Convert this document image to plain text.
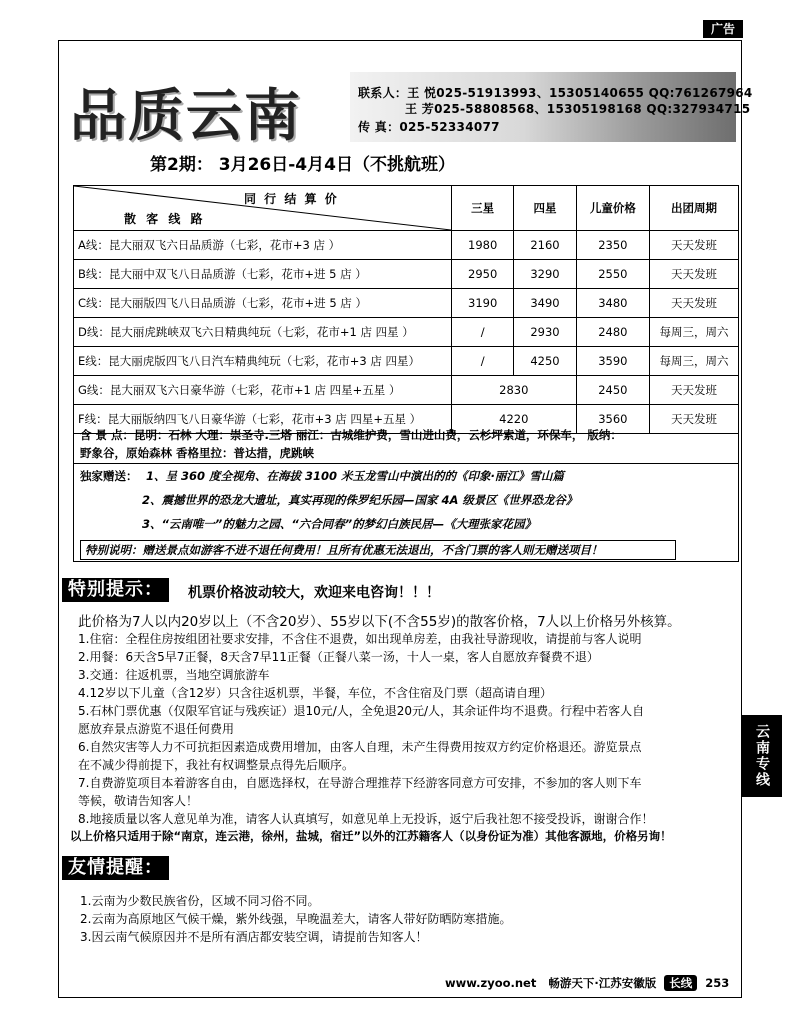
广告
品质云南	联系人：王 悦025-51913993、15305140655 QQ:761267964
王 芳025-58808568、15305198168 QQ:327934715
传 真：025-52334077
第2期： 3月26日-4月4日（不挑航班）
同 行 结 算 价
散 客 线 路	三星	四星	儿童价格	出团周期
A线：昆大丽双飞六日品质游（七彩，花市+3 店 ）	1980	2160	2350	天天发班
B线：昆大丽中双飞八日品质游（七彩，花市+进 5 店 ）	2950	3290	2550	天天发班
C线：昆大丽版四飞八日品质游（七彩，花市+进 5 店 ）	3190	3490	3480	天天发班
D线：昆大丽虎跳峡双飞六日精典纯玩（七彩，花市+1 店 四星 ）	/	2930	2480	每周三，周六
E线：昆大丽虎版四飞八日汽车精典纯玩（七彩，花市+3 店 四星）	/	4250	3590	每周三，周六
G线：昆大丽双飞六日豪华游（七彩，花市+1 店 四星+五星 ）	2830		2450	天天发班
F线：昆大丽版纳四飞八日豪华游（七彩，花市+3 店 四星+五星 ）	4220		3560	天天发班
含 景 点：昆明：石林 大理：崇圣寺.三塔 丽江：古城维护费，雪山进山费，云杉坪索道，环保车， 版纳：
野象谷，原始森林 香格里拉：普达措，虎跳峡
独家赠送： 1、呈 360 度全视角、在海拔 3100 米玉龙雪山中演出的的《印象·丽江》雪山篇
2、震撼世界的恐龙大遗址，真实再现的侏罗纪乐园—国家 4A 级景区《世界恐龙谷》
3、“云南唯一”的魅力之园、“六合同春”的梦幻白族民居—《大理张家花园》
特别说明：赠送景点如游客不进不退任何费用！且所有优惠无法退出，不含门票的客人则无赠送项目！
特别提示：	机票价格波动较大，欢迎来电咨询！！！
此价格为7人以内20岁以上（不含20岁）、55岁以下(不含55岁)的散客价格，7人以上价格另外核算。
1.住宿：全程住房按组团社要求安排，不含住不退费，如出现单房差，由我社导游现收，请提前与客人说明
2.用餐：6天含5早7正餐，8天含7早11正餐（正餐八菜一汤，十人一桌，客人自愿放弃餐费不退）
3.交通：往返机票，当地空调旅游车
4.12岁以下儿童（含12岁）只含往返机票，半餐，车位，不含住宿及门票（超高请自理）
5.石林门票优惠（仅限军官证与残疾证）退10元/人，全免退20元/人，其余证件均不退费。行程中若客人自
愿放弃景点游览不退任何费用
6.自然灾害等人力不可抗拒因素造成费用增加，由客人自理，未产生得费用按双方约定价格退还。游览景点
在不减少得前提下，我社有权调整景点得先后顺序。
7.自费游览项目本着游客自由，自愿选择权，在导游合理推荐下经游客同意方可安排，不参加的客人则下车
等候，敬请告知客人！
8.地接质量以客人意见单为准，请客人认真填写，如意见单上无投诉，返宁后我社恕不接受投诉，谢谢合作！
云南专线
以上价格只适用于除“南京，连云港，徐州，盐城，宿迁”以外的江苏籍客人（以身份证为准）其他客源地，价格另询！
友情提醒：
1.云南为少数民族省份，区域不同习俗不同。
2.云南为高原地区气候干燥，紫外线强，早晚温差大，请客人带好防晒防寒措施。
3.因云南气候原因并不是所有酒店都安装空调，请提前告知客人！
www.zyoo.net 畅游天下·江苏安徽版 长线 253
